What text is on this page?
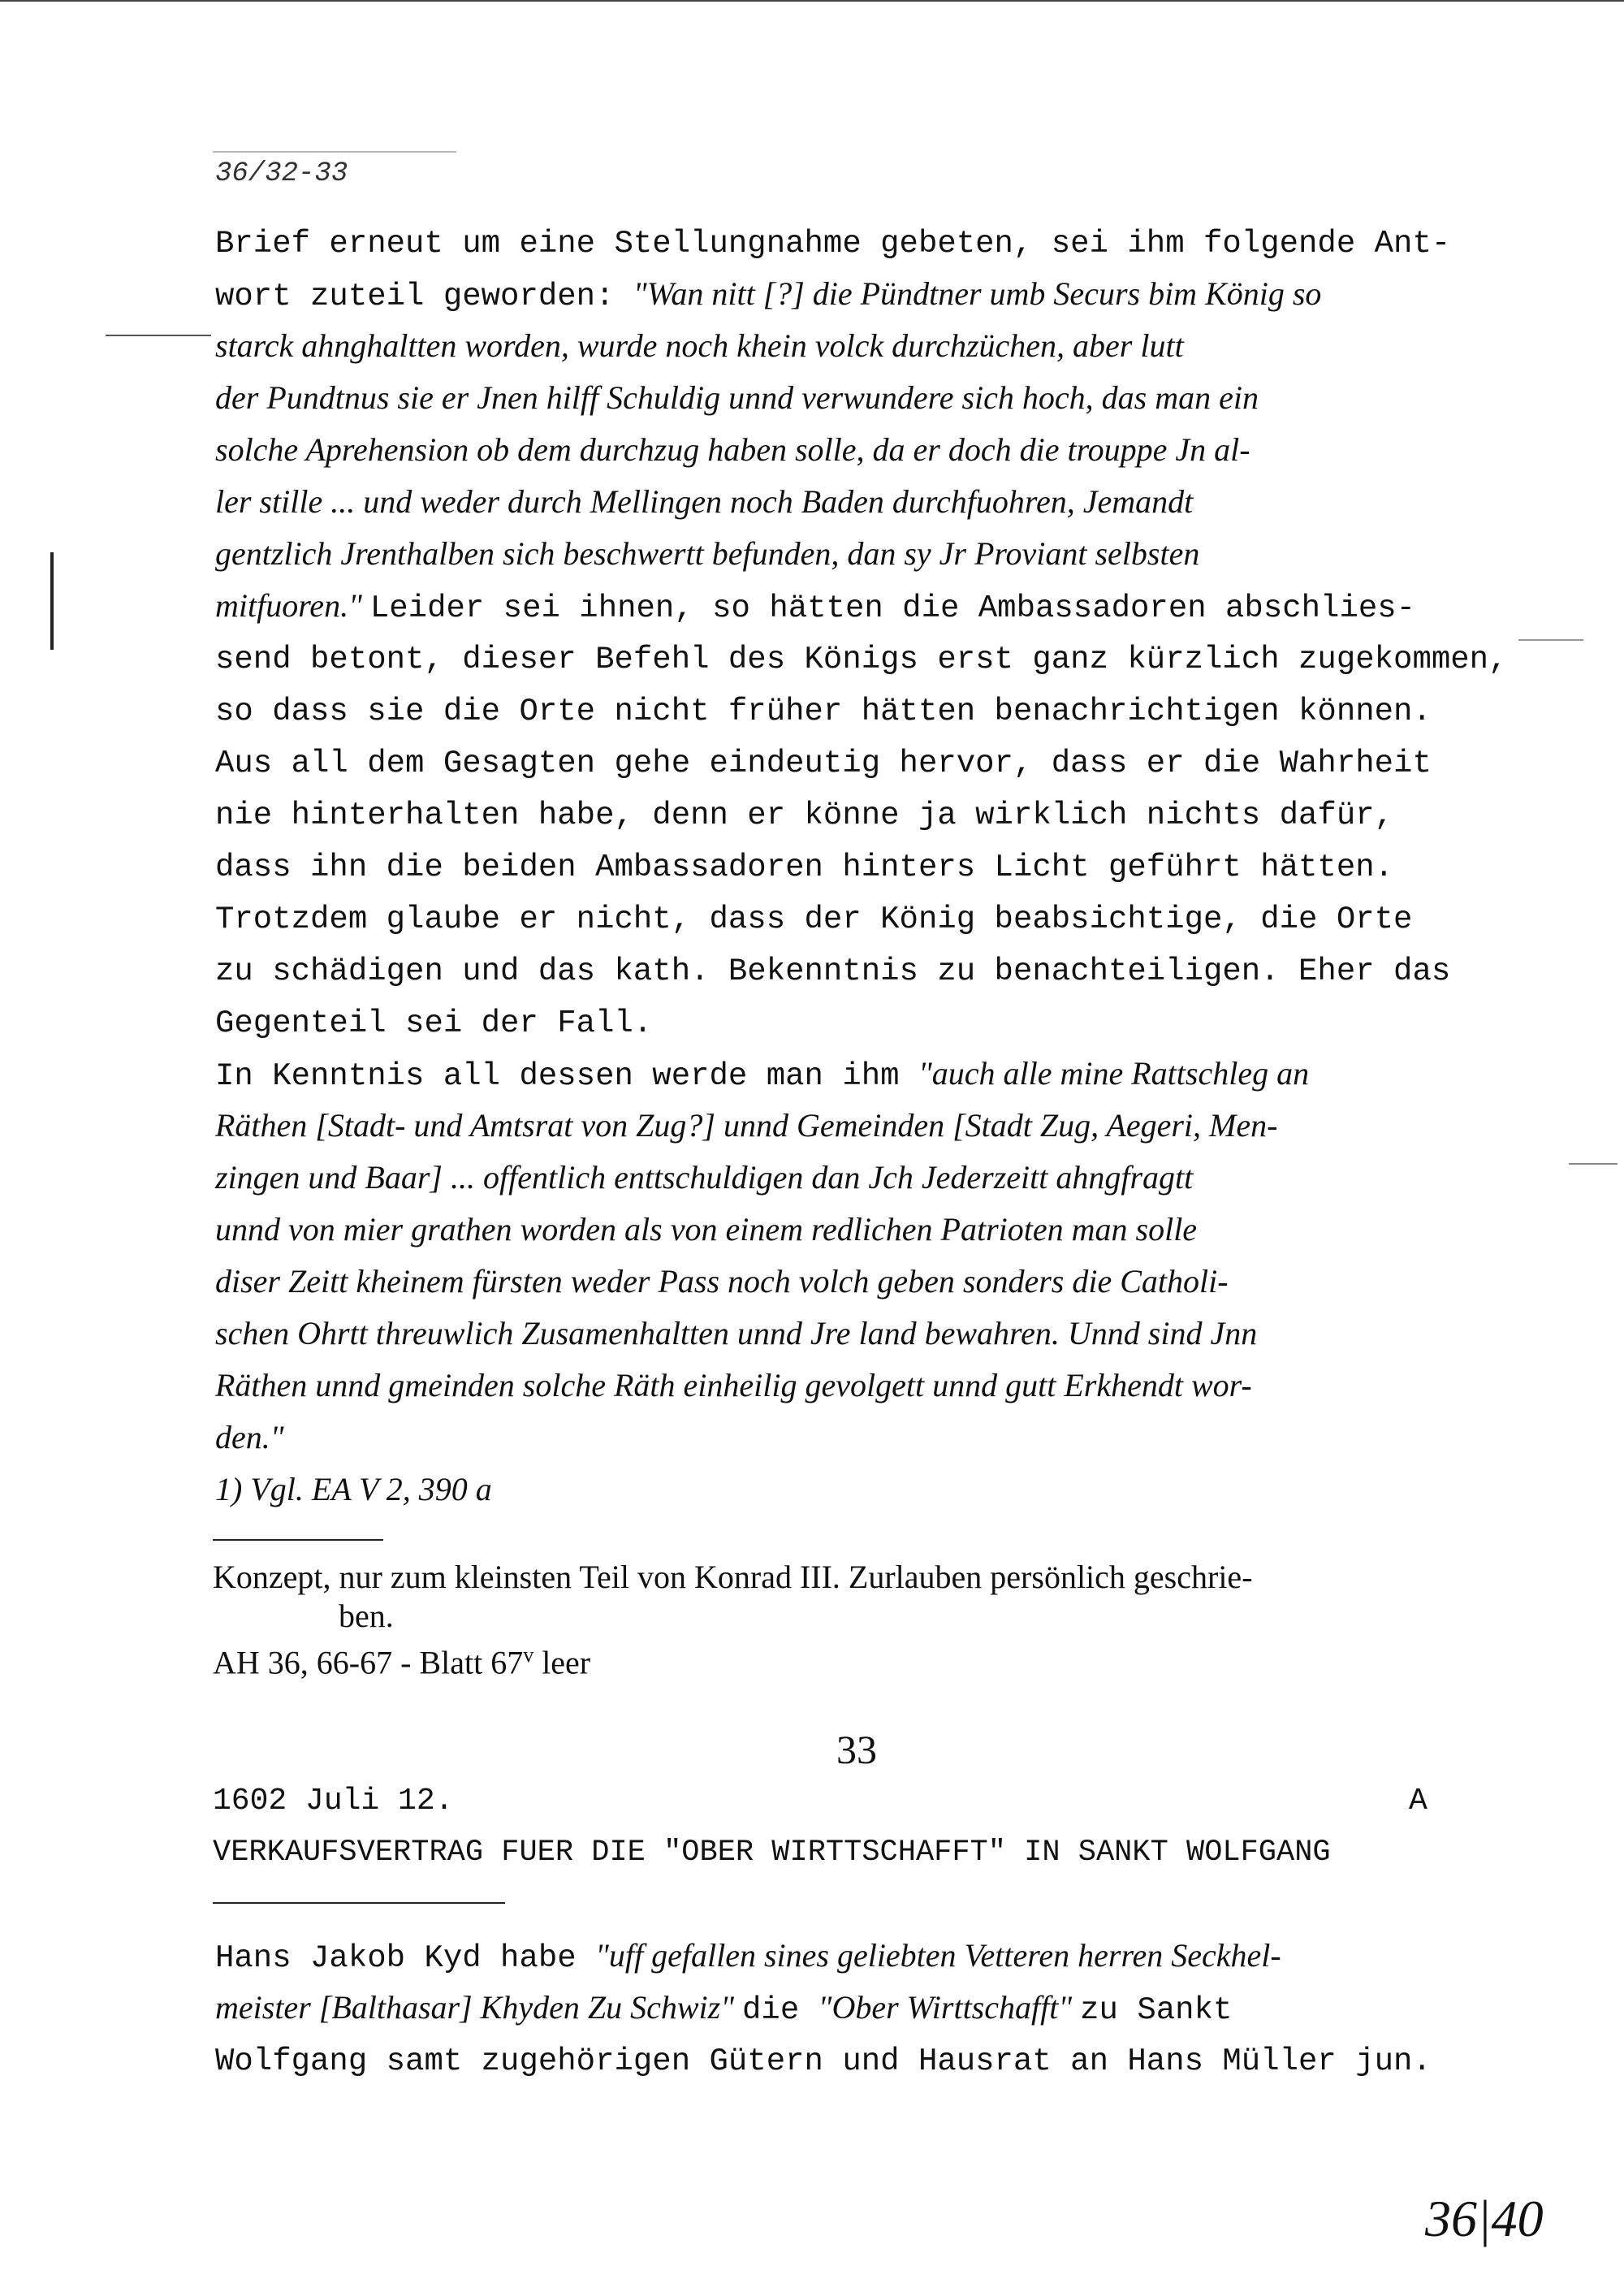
36/32-33
Brief erneut um eine Stellungnahme gebeten, sei ihm folgende Ant-
wort zuteil geworden: "Wan nitt [?] die Pündtner umb Securs bim König so
starck ahnghaltten worden, wurde noch khein volck durchzüchen, aber lutt
der Pundtnus sie er Jnen hilff Schuldig unnd verwundere sich hoch, das man ein
solche Aprehension ob dem durchzug haben solle, da er doch die trouppe Jn al-
ler stille ... und weder durch Mellingen noch Baden durchfuohren, Jemandt
gentzlich Jrenthalben sich beschwertt befunden, dan sy Jr Proviant selbsten
mitfuoren." Leider sei ihnen, so hätten die Ambassadoren abschlies-
send betont, dieser Befehl des Königs erst ganz kürzlich zugekommen,
so dass sie die Orte nicht früher hätten benachrichtigen können.
Aus all dem Gesagten gehe eindeutig hervor, dass er die Wahrheit
nie hinterhalten habe, denn er könne ja wirklich nichts dafür,
dass ihn die beiden Ambassadoren hinters Licht geführt hätten.
Trotzdem glaube er nicht, dass der König beabsichtige, die Orte
zu schädigen und das kath. Bekenntnis zu benachteiligen. Eher das
Gegenteil sei der Fall.
In Kenntnis all dessen werde man ihm "auch alle mine Rattschleg an
Räthen [Stadt- und Amtsrat von Zug?] unnd Gemeinden [Stadt Zug, Aegeri, Men-
zingen und Baar] ... offentlich enttschuldigen dan Jch Jederzeitt ahngfragtt
unnd von mier grathen worden als von einem redlichen Patrioten man solle
diser Zeitt kheinem fürsten weder Pass noch volch geben sonders die Catholi-
schen Ohrtt threuwlich Zusamenhaltten unnd Jre land bewahren. Unnd sind Jnn
Räthen unnd gmeinden solche Räth einheilig gevolgett unnd gutt Erkhendt wor-
den."
1) Vgl. EA V 2, 390 a
Konzept, nur zum kleinsten Teil von Konrad III. Zurlauben persönlich geschrie-
ben.
AH 36, 66-67 - Blatt 67$^v$ leer
33
1602 Juli 12.	A
VERKAUFSVERTRAG FUER DIE "OBER WIRTTSCHAFFT" IN SANKT WOLFGANG
Hans Jakob Kyd habe "uff gefallen sines geliebten Vetteren herren Seckhel-
meister [Balthasar] Khyden Zu Schwiz" die "Ober Wirttschafft" zu Sankt
Wolfgang samt zugehörigen Gütern und Hausrat an Hans Müller jun.
36|40
